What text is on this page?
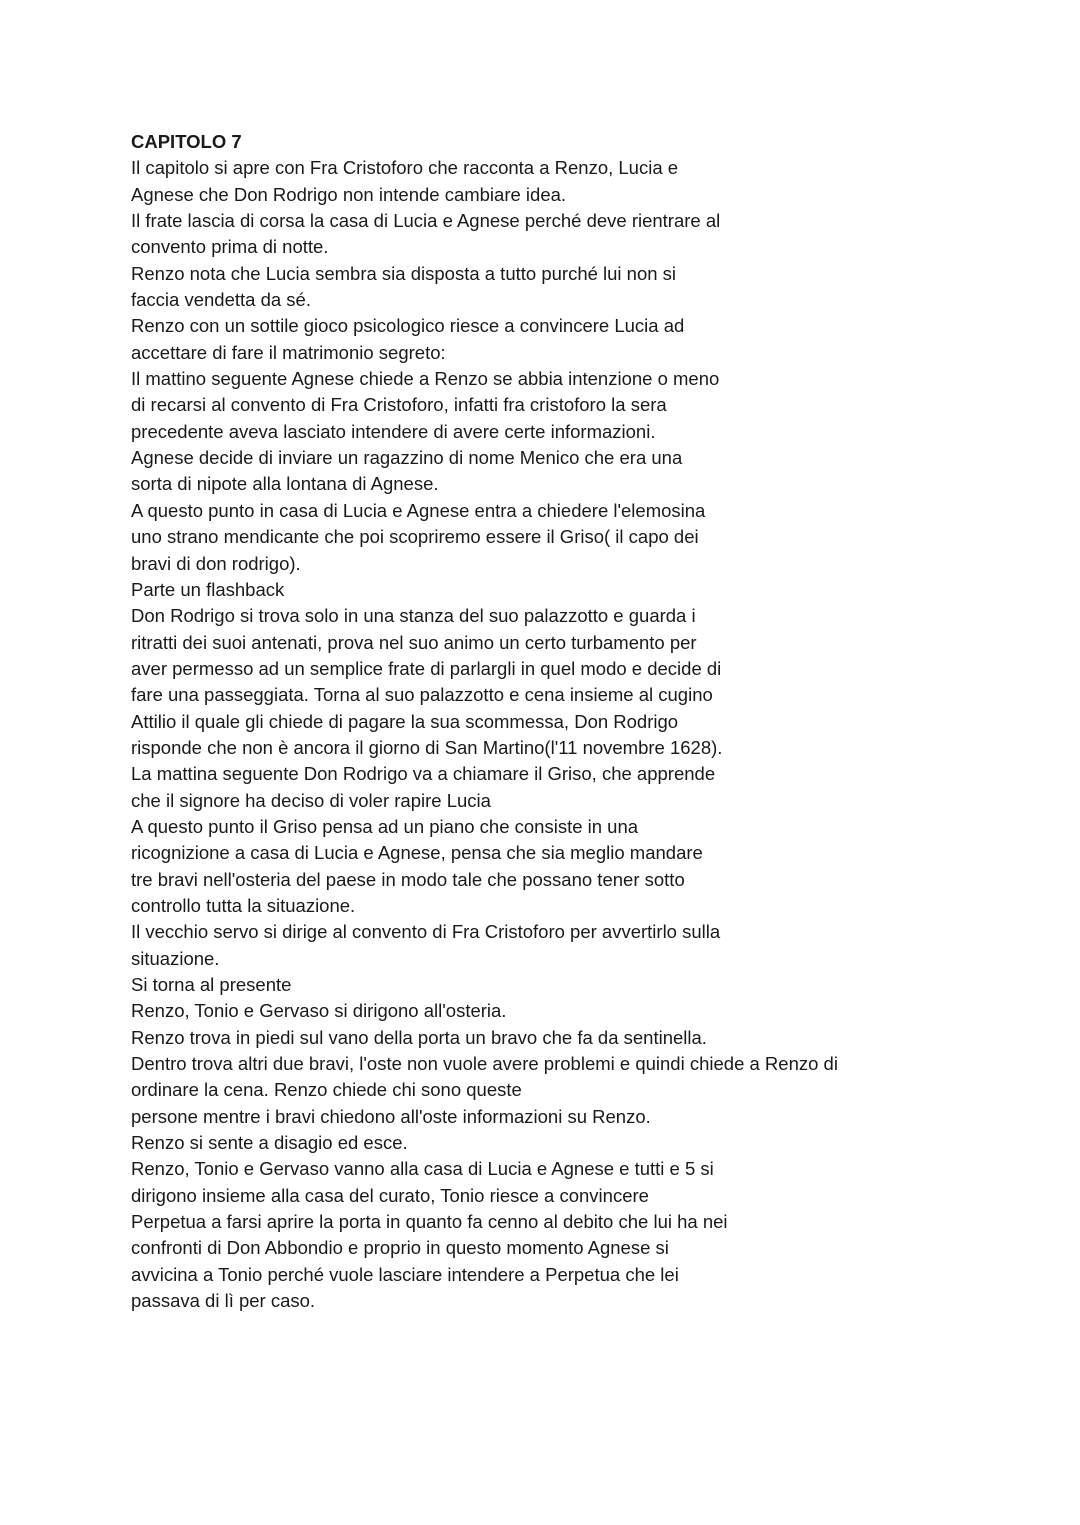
CAPITOLO 7
Il capitolo si apre con Fra Cristoforo che racconta a Renzo, Lucia e
Agnese che Don Rodrigo non intende cambiare idea.
Il frate lascia di corsa la casa di Lucia e Agnese perché deve rientrare al
convento prima di notte.
Renzo nota che Lucia sembra sia disposta a tutto purché lui non si
faccia vendetta da sé.
Renzo con un sottile gioco psicologico riesce a convincere Lucia ad
accettare di fare il matrimonio segreto:
Il mattino seguente Agnese chiede a Renzo se abbia intenzione o meno
di recarsi al convento di Fra Cristoforo, infatti fra cristoforo la sera
precedente aveva lasciato intendere di avere certe informazioni.
Agnese decide di inviare un ragazzino di nome Menico che era una
sorta di nipote alla lontana di Agnese.
A questo punto in casa di Lucia e Agnese entra a chiedere l'elemosina
uno strano mendicante che poi scopriremo essere il Griso( il capo dei
bravi di don rodrigo).
Parte un flashback
Don Rodrigo si trova solo in una stanza del suo palazzotto e guarda i
ritratti dei suoi antenati, prova nel suo animo un certo turbamento per
aver permesso ad un semplice frate di parlargli in quel modo e decide di
fare una passeggiata. Torna al suo palazzotto e cena insieme al cugino
Attilio il quale gli chiede di pagare la sua scommessa, Don Rodrigo
risponde che non è ancora il giorno di San Martino(l'11 novembre 1628).
La mattina seguente Don Rodrigo va a chiamare il Griso, che apprende
che il signore ha deciso di voler rapire Lucia
A questo punto il Griso pensa ad un piano che consiste in una
ricognizione a casa di Lucia e Agnese, pensa che sia meglio mandare
tre bravi nell'osteria del paese in modo tale che possano tener sotto
controllo tutta la situazione.
Il vecchio servo si dirige al convento di Fra Cristoforo per avvertirlo sulla
situazione.
Si torna al presente
Renzo, Tonio e Gervaso si dirigono all'osteria.
Renzo trova in piedi sul vano della porta un bravo che fa da sentinella.
Dentro trova altri due bravi, l'oste non vuole avere problemi e quindi chiede a Renzo di
ordinare la cena. Renzo chiede chi sono queste
persone mentre i bravi chiedono all'oste informazioni su Renzo.
Renzo si sente a disagio ed esce.
Renzo, Tonio e Gervaso vanno alla casa di Lucia e Agnese e tutti e 5 si
dirigono insieme alla casa del curato, Tonio riesce a convincere
Perpetua a farsi aprire la porta in quanto fa cenno al debito che lui ha nei
confronti di Don Abbondio e proprio in questo momento Agnese si
avvicina a Tonio perché vuole lasciare intendere a Perpetua che lei
passava di lì per caso.
